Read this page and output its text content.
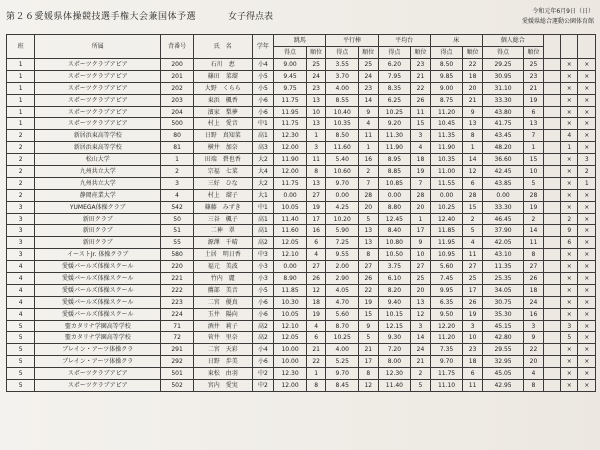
第２６愛媛県体操競技選手権大会兼国体予選	女子得点表
令和元年6月9日（日）
愛媛県総合運動公園体育館
班	所属	背番号	氏　名	学年	跳馬		平行棒		平均台		床		個人総合				
					得点	順位	得点	順位	得点	順位	得点	順位	得点	順位			
1	スポーツクラブアピア	200	石川　恵	小4	9.00	25	3.55	25	6.20	23	8.50	22	29.25	25		×	×
1	スポーツクラブアピア	201	篠田　菜瑠	小5	9.45	24	3.70	24	7.95	21	9.85	18	30.95	23		×	×
1	スポーツクラブアピア	202	大野　くらら	小5	9.75	23	4.00	23	8.35	22	9.00	20	31.10	21		×	×
1	スポーツクラブアピア	203	東浜　楓香	小6	11.75	13	8.55	14	6.25	26	8.75	21	33.30	19		×	×
1	スポーツクラブアピア	204	濱家　梨夢	小6	11.95	10	10.40	9	10.25	11	11.20	9	43.80	6		×	×
1	スポーツクラブアピア	500	村上　愛音	中1	11.75	13	10.35	4	9.20	15	10.45	13	41.75	13		×	×
2	新居浜東高等学校	80	日野　真知菜	高1	12.30	1	8.50	11	11.30	3	11.35	8	43.45	7		4	×
2	新居浜東高等学校	81	横井　加奈	高3	12.00	3	11.60	1	11.90	4	11.90	1	48.20	1		1	×
2	松山大学	1	田端　碧也香	大2	11.90	11	5.40	16	8.95	18	10.35	14	36.60	15		×	3
2	九州共立大学	2	宗福　七菜	大4	12.00	8	10.60	2	8.85	19	11.00	12	42.45	10		×	2
2	九州共立大学	3	三好　ひな	大2	11.75	13	9.70	7	10.85	7	11.55	6	43.85	5		×	1
2	静岡産業大学	4	村上　瑠子	大1	0.00	27	0.00	28	0.00	28	0.00	28	0.00	28		×	×
3	YUMEGA体操クラブ	542	篠藤　みずき	中1	10.05	19	4.25	20	8.80	20	10.25	15	33.30	19		×	×
3	新田クラブ	50	三谷　楓子	高1	11.40	17	10.20	5	12.45	1	12.40	2	46.45	2		2	×
3	新田クラブ	51	二神　翠	高1	11.60	16	5.90	13	8.40	17	11.85	5	37.90	14		9	×
3	新田クラブ	55	源澤　千晴	高2	12.05	6	7.25	13	10.80	9	11.95	4	42.05	11		6	×
3	イーストJr. 体操クラブ	580	土居　明日香	中3	12.10	4	9.55	8	10.50	10	10.95	11	43.10	8		×	×
4	愛媛パールズ体操スクール	220	福元　美波	小3	0.00	27	2.00	27	3.75	27	5.60	27	11.35	27		×	×
4	愛媛パールズ体操スクール	221	竹内　麗	小3	8.90	26	2.90	26	6.10	25	7.45	25	25.35	26		×	×
4	愛媛パールズ体操スクール	222	薦部　美音	小5	11.85	12	4.05	22	8.20	20	9.95	17	34.05	18		×	×
4	愛媛パールズ体操スクール	223	二宮　優真	小6	10.30	18	4.70	19	9.40	13	6.35	26	30.75	24		×	×
4	愛媛パールズ体操スクール	224	玉井　陽向	小6	10.05	19	5.60	15	10.15	12	9.50	19	35.30	16		×	×
5	聖カタリナ学園高等学校	71	酒井　莉子	高2	12.10	4	8.70	9	12.15	3	12.20	3	45.15	3		3	×
5	聖カタリナ学園高等学校	72	菅井　里奈	高2	12.05	6	10.25	5	9.30	14	11.20	10	42.80	9		5	×
5	ブレイン・アーツ体操クラ	291	二宮　天彩	小4	10.00	21	4.00	21	7.20	24	7.35	23	29.55	22		×	×
5	ブレイン・アーツ体操クラ	292	日野　歩美	小6	10.00	22	5.25	17	8.00	21	9.70	18	32.95	20		×	×
5	スポーツクラブアピア	501	東松　由羽	中2	12.30	1	9.70	8	12.30	2	11.75	6	45.05	4		×	×
5	スポーツクラブアピア	502	宮内　愛実	中2	12.00	8	8.45	12	11.40	5	11.10	11	42.95	8		×	×
